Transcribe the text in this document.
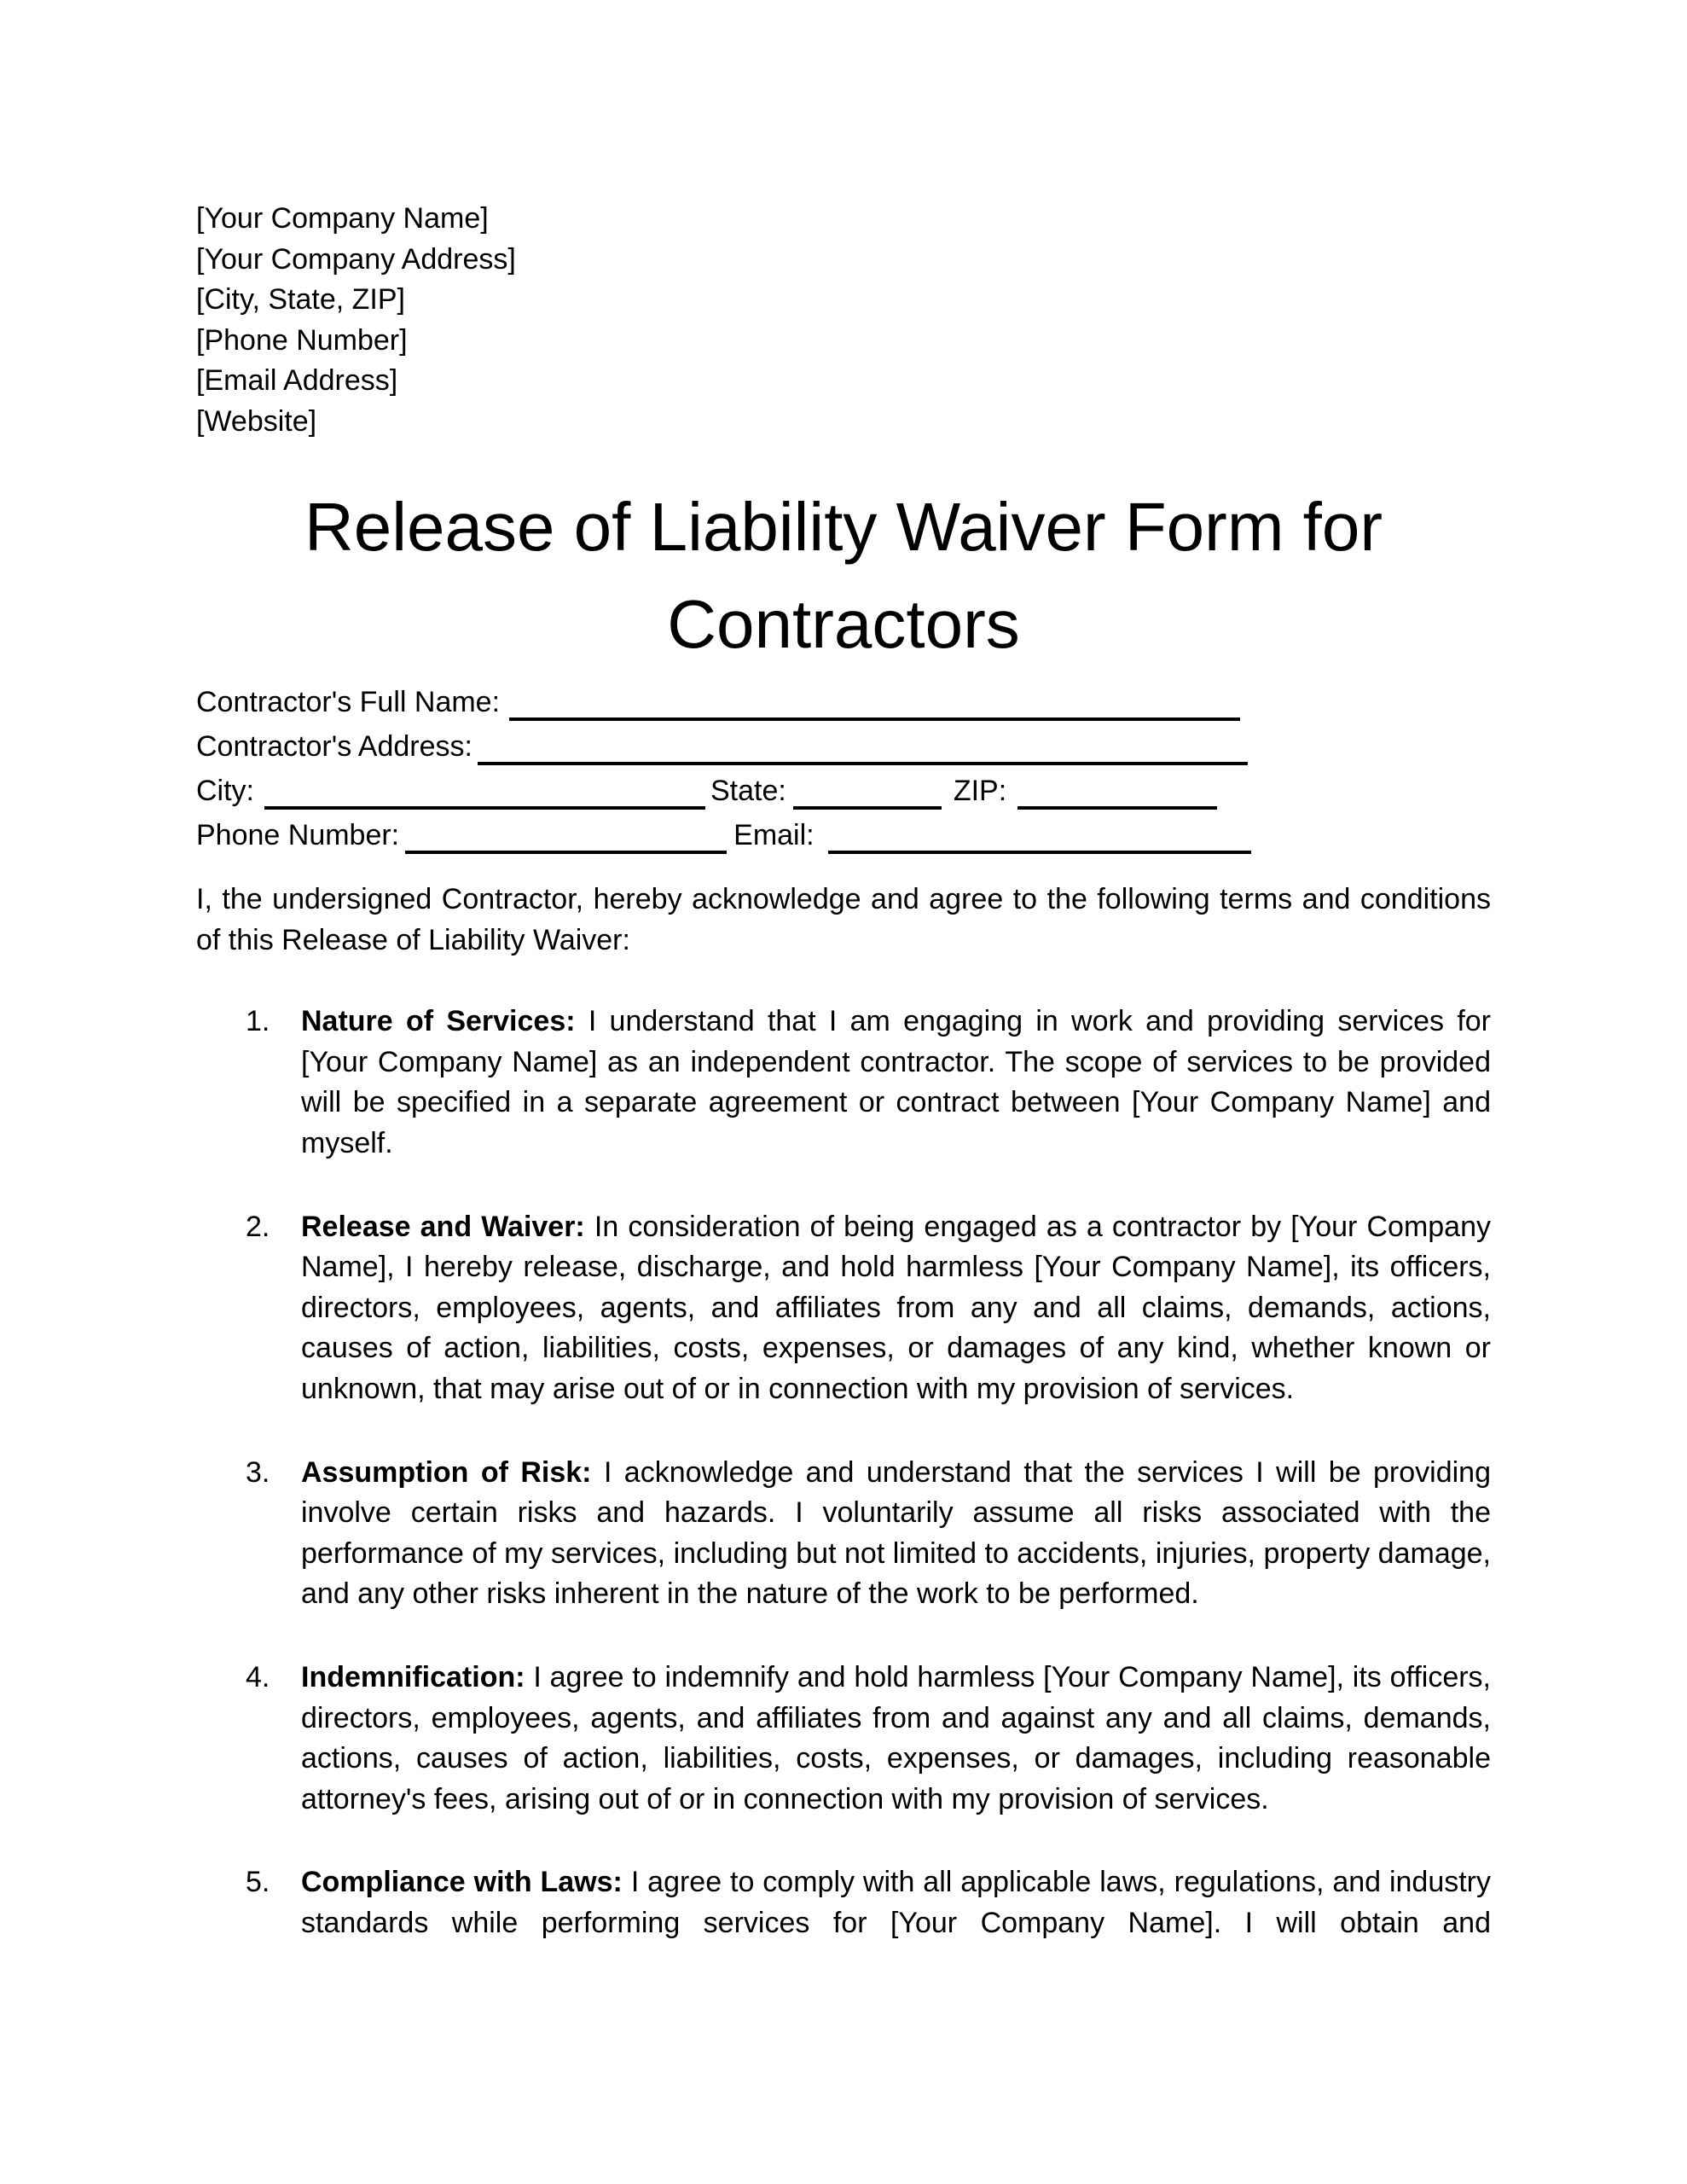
[Your Company Name]
[Your Company Address]
[City, State, ZIP]
[Phone Number]
[Email Address]
[Website]
Release of Liability Waiver Form for Contractors
Contractor's Full Name:
Contractor's Address:
City:	State:	ZIP:
Phone Number:	Email:

I, the undersigned Contractor, hereby acknowledge and agree to the following terms and conditions of this Release of Liability Waiver:

1. Nature of Services: I understand that I am engaging in work and providing services for [Your Company Name] as an independent contractor. The scope of services to be provided will be specified in a separate agreement or contract between [Your Company Name] and myself.
2. Release and Waiver: In consideration of being engaged as a contractor by [Your Company Name], I hereby release, discharge, and hold harmless [Your Company Name], its officers, directors, employees, agents, and affiliates from any and all claims, demands, actions, causes of action, liabilities, costs, expenses, or damages of any kind, whether known or unknown, that may arise out of or in connection with my provision of services.
3. Assumption of Risk: I acknowledge and understand that the services I will be providing involve certain risks and hazards. I voluntarily assume all risks associated with the performance of my services, including but not limited to accidents, injuries, property damage, and any other risks inherent in the nature of the work to be performed.
4. Indemnification: I agree to indemnify and hold harmless [Your Company Name], its officers, directors, employees, agents, and affiliates from and against any and all claims, demands, actions, causes of action, liabilities, costs, expenses, or damages, including reasonable attorney's fees, arising out of or in connection with my provision of services.
5. Compliance with Laws: I agree to comply with all applicable laws, regulations, and industry standards while performing services for [Your Company Name]. I will obtain and
